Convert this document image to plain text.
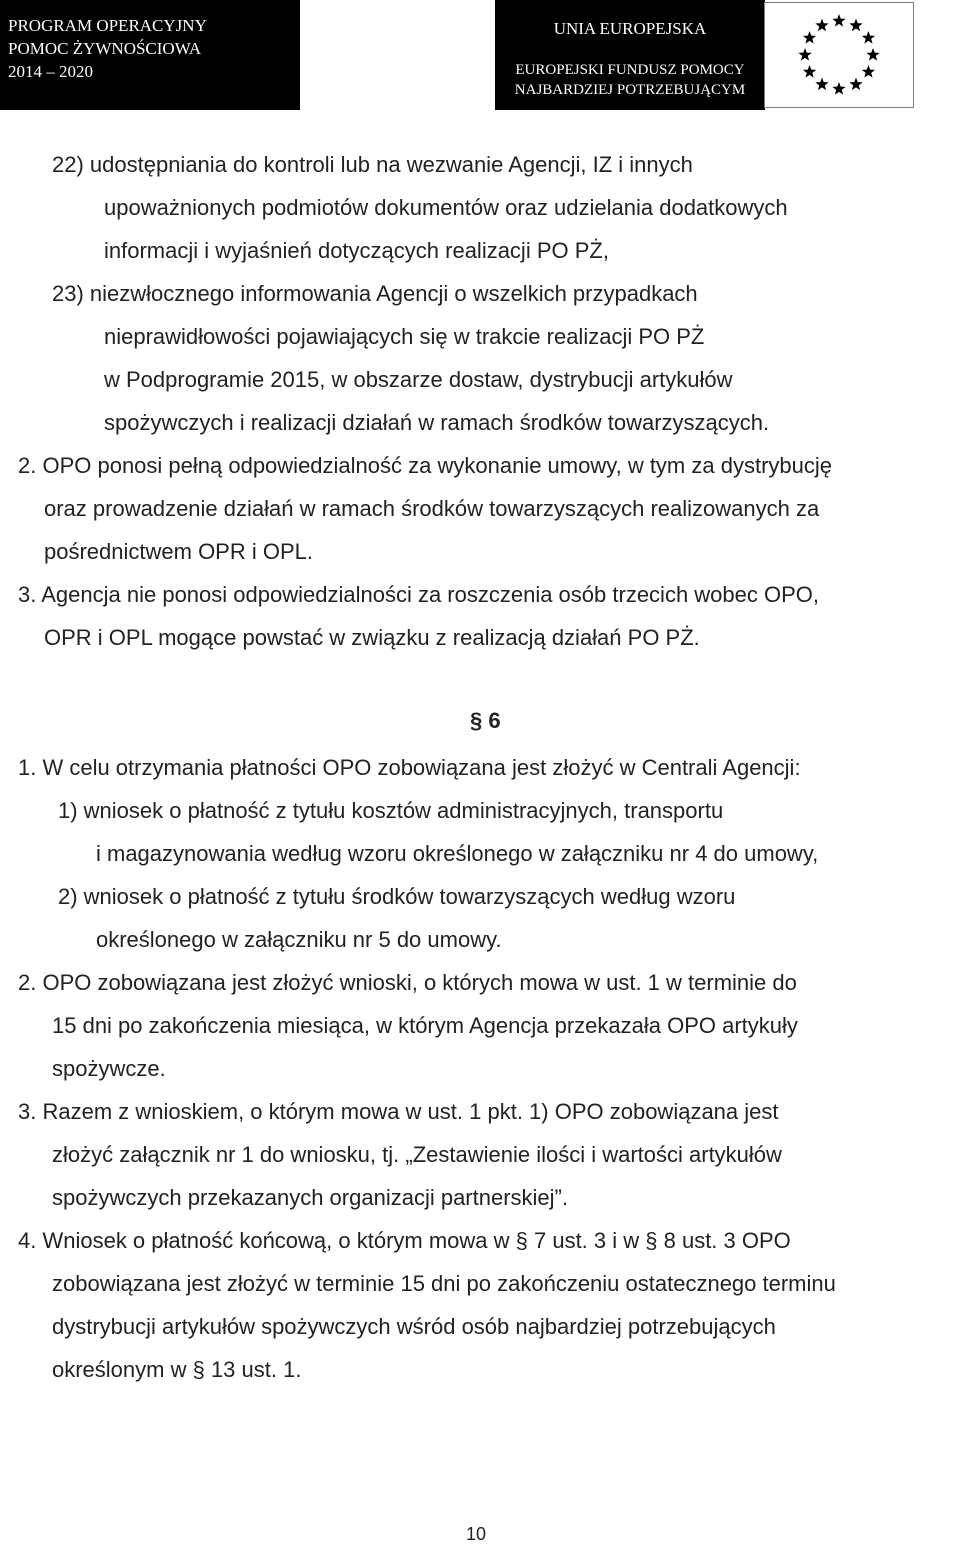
PROGRAM OPERACYJNY
POMOC ŻYWNOŚCIOWA
2014 – 2020
UNIA EUROPEJSKA
EUROPEJSKI FUNDUSZ POMOCY
NAJBARDZIEJ POTRZEBUJĄCYM
22) udostępniania do kontroli lub na wezwanie Agencji, IZ i innych
upoważnionych podmiotów dokumentów oraz udzielania dodatkowych
informacji i wyjaśnień dotyczących realizacji PO PŻ,
23) niezwłocznego informowania Agencji o wszelkich przypadkach
nieprawidłowości pojawiających się w trakcie realizacji PO PŻ
w Podprogramie 2015, w obszarze dostaw, dystrybucji artykułów
spożywczych i realizacji działań w ramach środków towarzyszących.
2. OPO ponosi pełną odpowiedzialność za wykonanie umowy, w tym za dystrybucję
oraz prowadzenie działań w ramach środków towarzyszących realizowanych za
pośrednictwem OPR i OPL.
3. Agencja nie ponosi odpowiedzialności za roszczenia osób trzecich wobec OPO,
OPR i OPL mogące powstać w związku z realizacją działań PO PŻ.
§ 6
1. W celu otrzymania płatności OPO zobowiązana jest złożyć w Centrali Agencji:
1) wniosek o płatność z tytułu kosztów administracyjnych, transportu
i magazynowania według wzoru określonego w załączniku nr 4 do umowy,
2) wniosek o płatność z tytułu środków towarzyszących według wzoru
określonego w załączniku nr 5 do umowy.
2. OPO zobowiązana jest złożyć wnioski, o których mowa w ust. 1 w terminie do
15 dni po zakończenia miesiąca, w którym Agencja przekazała OPO artykuły
spożywcze.
3. Razem z wnioskiem, o którym mowa w ust. 1 pkt. 1) OPO zobowiązana jest
złożyć załącznik nr 1 do wniosku, tj. „Zestawienie ilości i wartości artykułów
spożywczych przekazanych organizacji partnerskiej”.
4. Wniosek o płatność końcową, o którym mowa w § 7 ust. 3 i w § 8 ust. 3 OPO
zobowiązana jest złożyć w terminie 15 dni po zakończeniu ostatecznego terminu
dystrybucji artykułów spożywczych wśród osób najbardziej potrzebujących
określonym w § 13 ust. 1.
10
